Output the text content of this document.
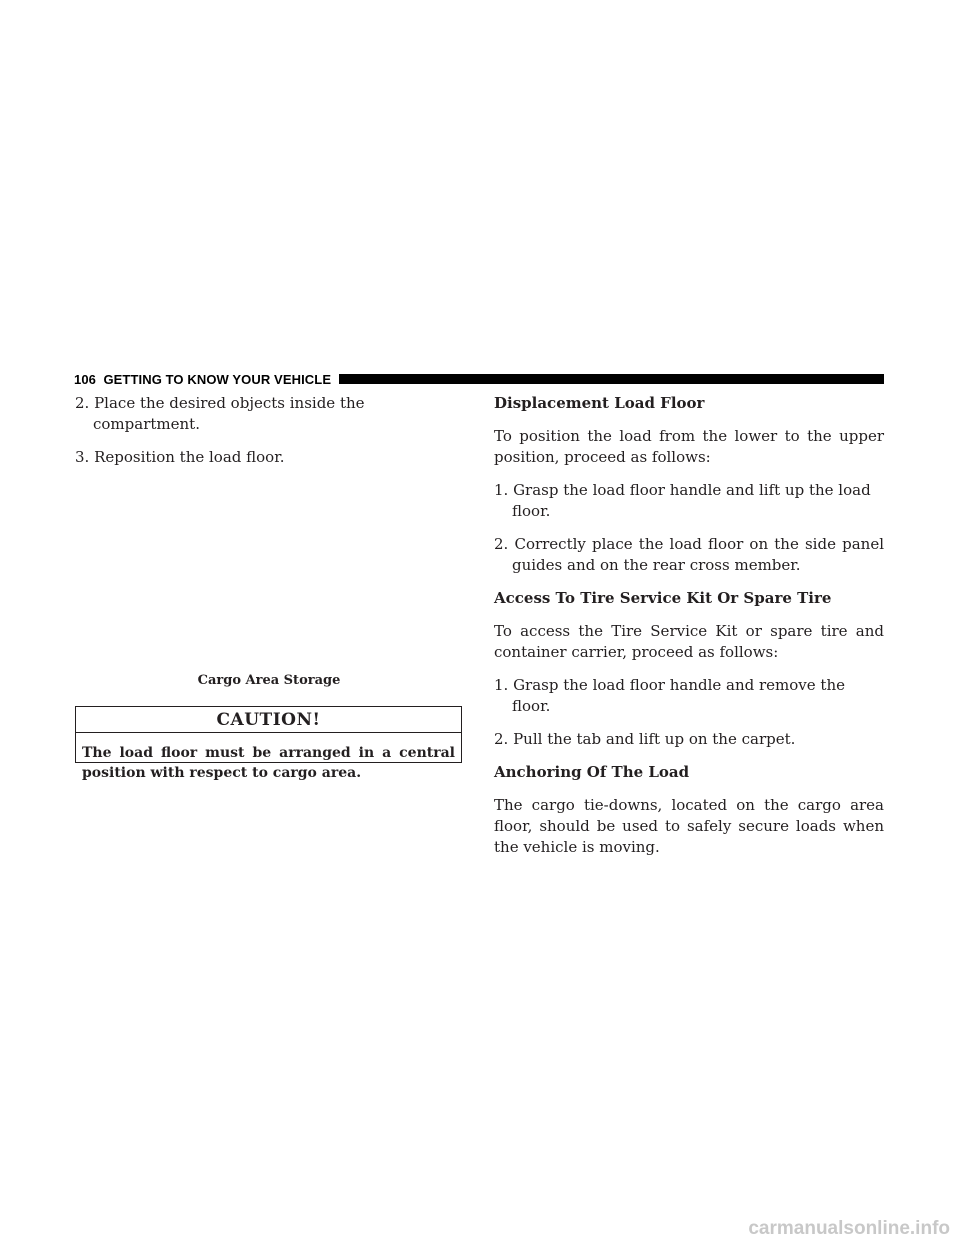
106 GETTING TO KNOW YOUR VEHICLE

2. Place the desired objects inside the compartment.

3. Reposition the load floor.

Cargo Area Storage
CAUTION!
The load floor must be arranged in a central position with respect to cargo area.

Displacement Load Floor

To position the load from the lower to the upper position, proceed as follows:

1. Grasp the load floor handle and lift up the load floor.

2. Correctly place the load floor on the side panel guides and on the rear cross member.

Access To Tire Service Kit Or Spare Tire

To access the Tire Service Kit or spare tire and container carrier, proceed as follows:

1. Grasp the load floor handle and remove the floor.

2. Pull the tab and lift up on the carpet.

Anchoring Of The Load

The cargo tie-downs, located on the cargo area floor, should be used to safely secure loads when the vehicle is moving.

carmanualsonline.info
